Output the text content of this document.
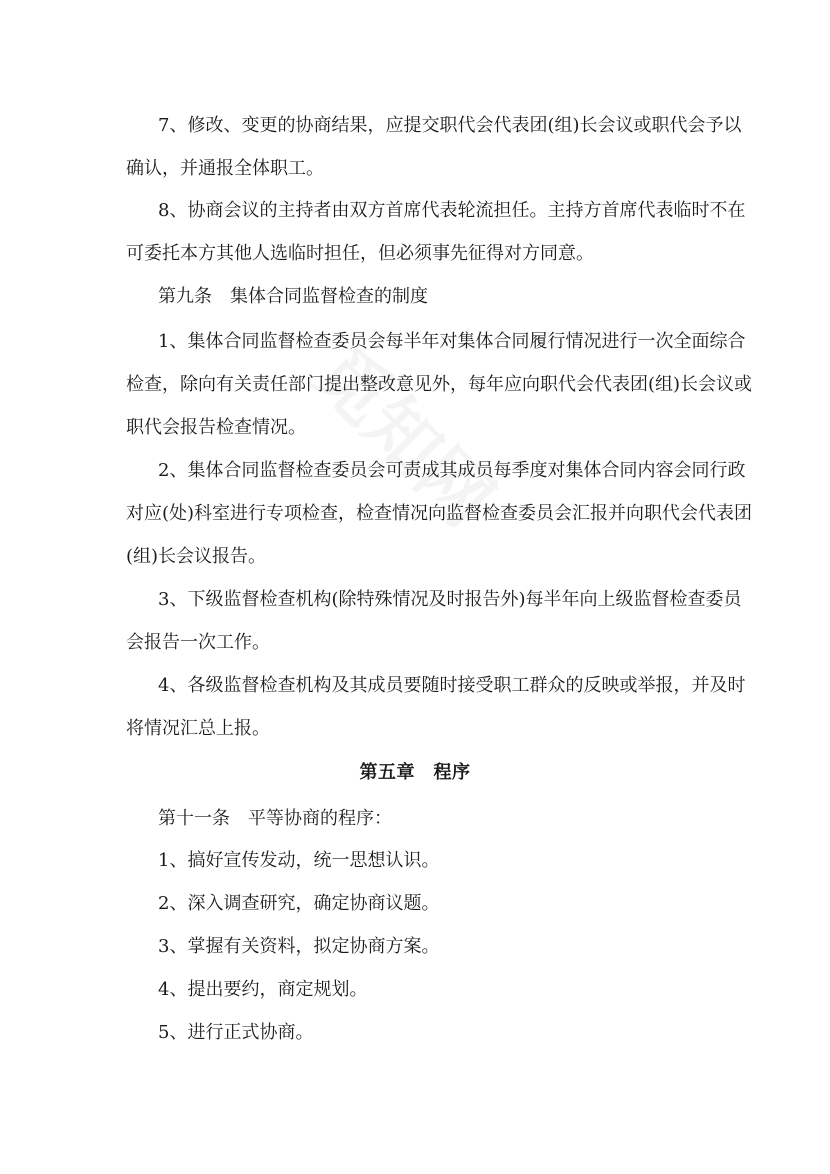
7、修改、变更的协商结果，应提交职代会代表团(组)长会议或职代会予以
确认，并通报全体职工。
8、协商会议的主持者由双方首席代表轮流担任。主持方首席代表临时不在
可委托本方其他人选临时担任，但必须事先征得对方同意。
第九条　集体合同监督检查的制度
1、集体合同监督检查委员会每半年对集体合同履行情况进行一次全面综合
检查，除向有关责任部门提出整改意见外，每年应向职代会代表团(组)长会议或
职代会报告检查情况。
2、集体合同监督检查委员会可责成其成员每季度对集体合同内容会同行政
对应(处)科室进行专项检查，检查情况向监督检查委员会汇报并向职代会代表团
(组)长会议报告。
3、下级监督检查机构(除特殊情况及时报告外)每半年向上级监督检查委员
会报告一次工作。
4、各级监督检查机构及其成员要随时接受职工群众的反映或举报，并及时
将情况汇总上报。
第五章　程序
第十一条　平等协商的程序：
1、搞好宣传发动，统一思想认识。
2、深入调查研究，确定协商议题。
3、掌握有关资料，拟定协商方案。
4、提出要约，商定规划。
5、进行正式协商。
